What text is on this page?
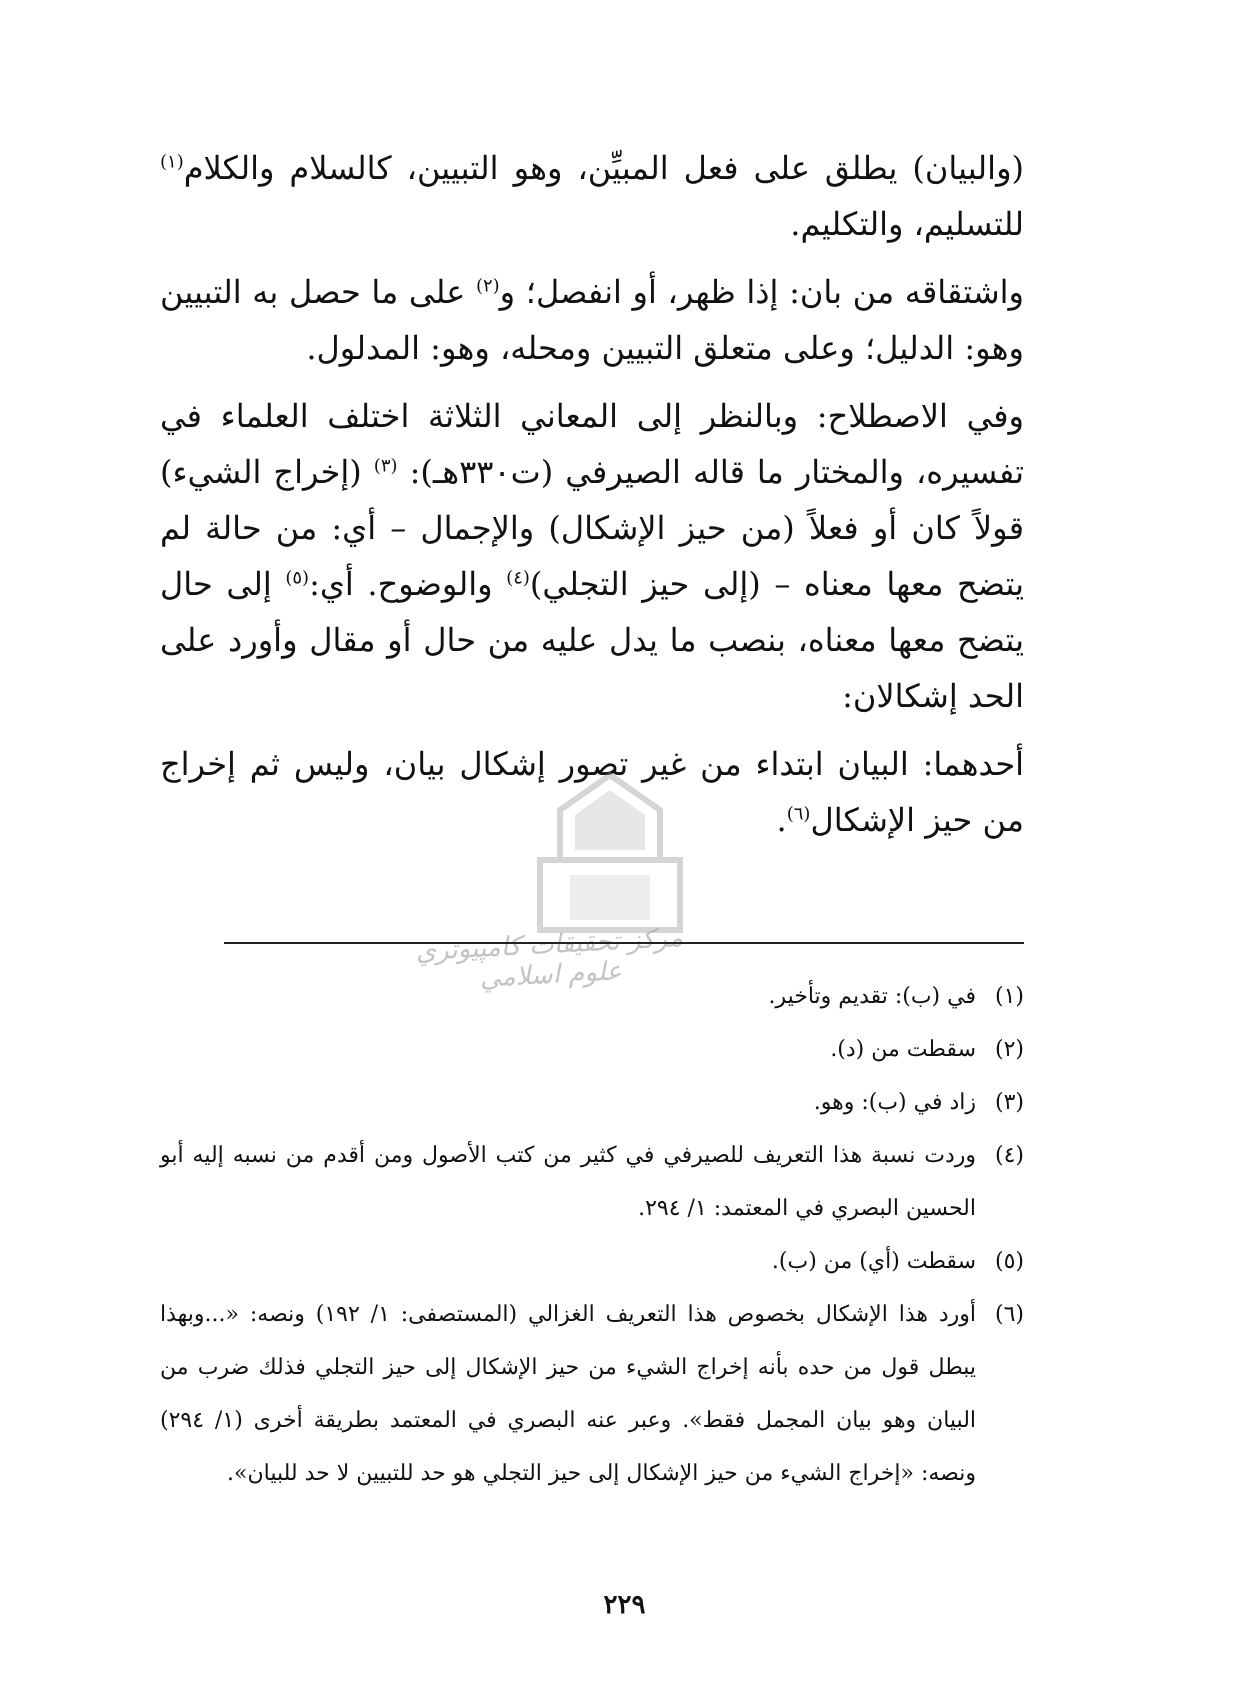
(والبيان) يطلق على فعل المبيِّن، وهو التبيين، كالسلام والكلام$^{(١)}$ للتسليم، والتكليم.

واشتقاقه من بان: إذا ظهر، أو انفصل؛ و$^{(٢)}$ على ما حصل به التبيين وهو: الدليل؛ وعلى متعلق التبيين ومحله، وهو: المدلول.

وفي الاصطلاح: وبالنظر إلى المعاني الثلاثة اختلف العلماء في تفسيره، والمختار ما قاله الصيرفي (ت٣٣٠هـ): $^{(٣)}$ (إخراج الشيء) قولاً كان أو فعلاً (من حيز الإشكال) والإجمال – أي: من حالة لم يتضح معها معناه – (إلى حيز التجلي)$^{(٤)}$ والوضوح. أي:$^{(٥)}$ إلى حال يتضح معها معناه، بنصب ما يدل عليه من حال أو مقال وأورد على الحد إشكالان:

أحدهما: البيان ابتداء من غير تصور إشكال بيان، وليس ثم إخراج من حيز الإشكال$^{(٦)}$.

مركز تحقيقات كامپيوتري علوم اسلامي
(١)
في (ب): تقديم وتأخير.
(٢)
سقطت من (د).
(٣)
زاد في (ب): وهو.
(٤)
وردت نسبة هذا التعريف للصيرفي في كثير من كتب الأصول ومن أقدم من نسبه إليه أبو الحسين البصري في المعتمد: ١/ ٢٩٤.
(٥)
سقطت (أي) من (ب).
(٦)
أورد هذا الإشكال بخصوص هذا التعريف الغزالي (المستصفى: ١/ ١٩٢) ونصه: «...وبهذا يبطل قول من حده بأنه إخراج الشيء من حيز الإشكال إلى حيز التجلي فذلك ضرب من البيان وهو بيان المجمل فقط». وعبر عنه البصري في المعتمد بطريقة أخرى (١/ ٢٩٤) ونصه: «إخراج الشيء من حيز الإشكال إلى حيز التجلي هو حد للتبيين لا حد للبيان».
٢٢٩
